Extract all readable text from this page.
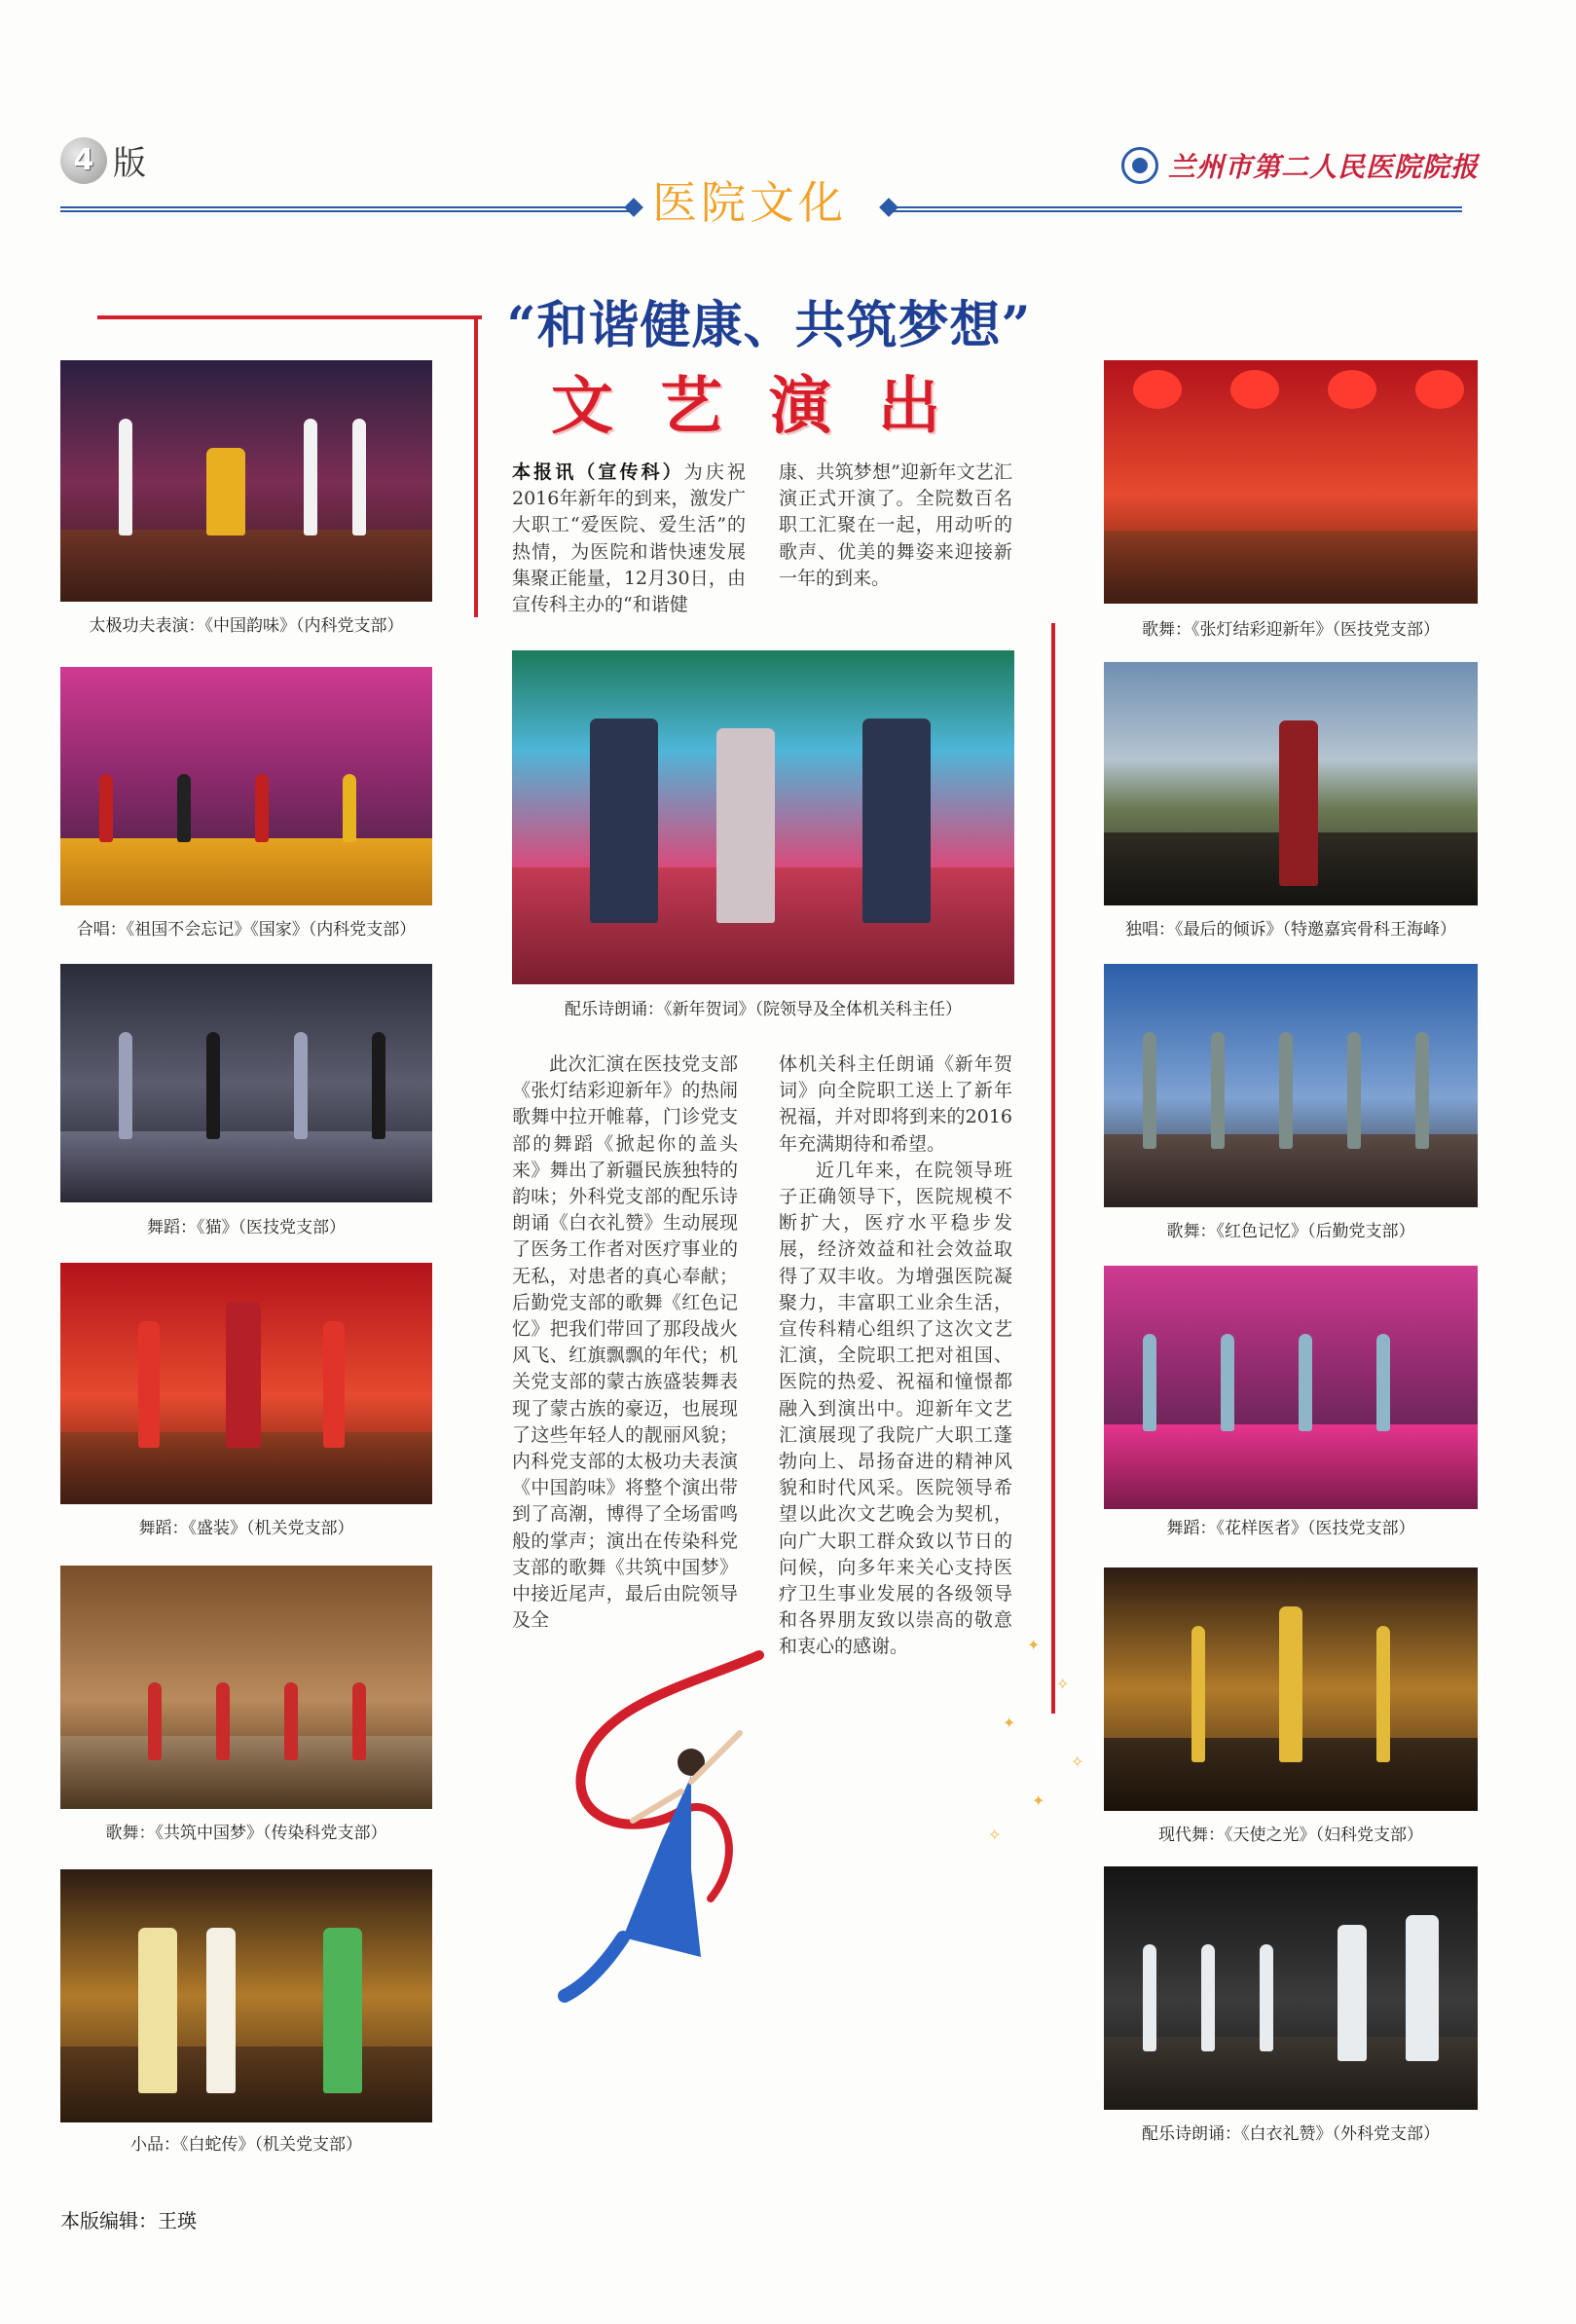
4 版	兰州市第二人民医院院报
医院文化
“和谐健康、共筑梦想”
文艺演出
太极功夫表演：《中国韵味》（内科党支部）
合唱：《祖国不会忘记》《国家》（内科党支部）
舞蹈：《猫》（医技党支部）
舞蹈：《盛装》（机关党支部）
歌舞：《共筑中国梦》（传染科党支部）
小品：《白蛇传》（机关党支部）
配乐诗朗诵：《新年贺词》（院领导及全体机关科主任）
歌舞：《张灯结彩迎新年》（医技党支部）
独唱：《最后的倾诉》（特邀嘉宾骨科王海峰）
歌舞：《红色记忆》（后勤党支部）
舞蹈：《花样医者》（医技党支部）
现代舞：《天使之光》（妇科党支部）
配乐诗朗诵：《白衣礼赞》（外科党支部）
本报讯（宣传科）为庆祝2016年新年的到来，激发广大职工“爱医院、爱生活”的热情，为医院和谐快速发展集聚正能量，12月30日，由宣传科主办的“和谐健
康、共筑梦想”迎新年文艺汇演正式开演了。全院数百名职工汇聚在一起，用动听的歌声、优美的舞姿来迎接新一年的到来。
此次汇演在医技党支部《张灯结彩迎新年》的热闹歌舞中拉开帷幕，门诊党支部的舞蹈《掀起你的盖头来》舞出了新疆民族独特的韵味；外科党支部的配乐诗朗诵《白衣礼赞》生动展现了医务工作者对医疗事业的无私，对患者的真心奉献；后勤党支部的歌舞《红色记忆》把我们带回了那段战火风飞、红旗飘飘的年代；机关党支部的蒙古族盛装舞表现了蒙古族的豪迈，也展现了这些年轻人的靓丽风貌；内科党支部的太极功夫表演《中国韵味》将整个演出带到了高潮，博得了全场雷鸣般的掌声；演出在传染科党支部的歌舞《共筑中国梦》中接近尾声，最后由院领导及全

体机关科主任朗诵《新年贺词》向全院职工送上了新年祝福，并对即将到来的2016年充满期待和希望。

近几年来，在院领导班子正确领导下，医院规模不断扩大，医疗水平稳步发展，经济效益和社会效益取得了双丰收。为增强医院凝聚力，丰富职工业余生活，宣传科精心组织了这次文艺汇演，全院职工把对祖国、医院的热爱、祝福和憧憬都融入到演出中。迎新年文艺汇演展现了我院广大职工蓬勃向上、昂扬奋进的精神风貌和时代风采。医院领导希望以此次文艺晚会为契机，向广大职工群众致以节日的问候，向多年来关心支持医疗卫生事业发展的各级领导和各界朋友致以崇高的敬意和衷心的感谢。	✦
✧
✦
✧
✦
✧
本版编辑：王瑛
